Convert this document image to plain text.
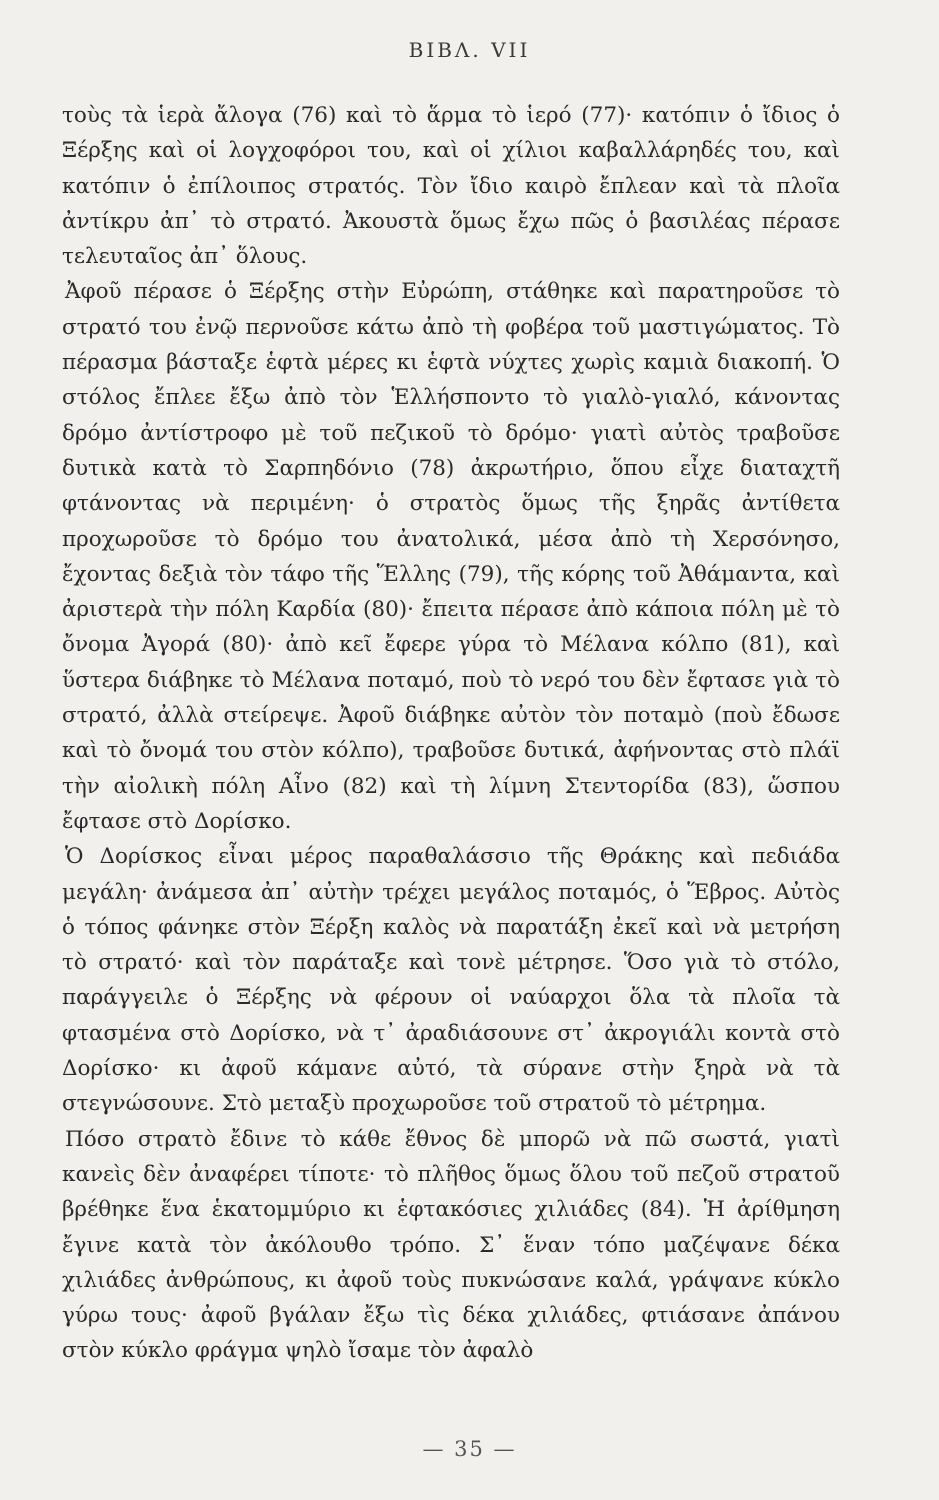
BIBΛ. VII

τοὺς τὰ ἱερὰ ἄλογα (76) καὶ τὸ ἅρμα τὸ ἱερό (77)· κατόπιν ὁ ἴδιος ὁ Ξέρξης καὶ οἱ λογχοφόροι του, καὶ οἱ χίλιοι καβαλλάρηδές του, καὶ κατόπιν ὁ ἐπίλοιπος στρατός. Τὸν ἴδιο καιρὸ ἔπλεαν καὶ τὰ πλοῖα ἀντίκρυ ἀπ᾽ τὸ στρατό. Ἀκουστὰ ὅμως ἔχω πῶς ὁ βασιλέας πέρασε τελευταῖος ἀπ᾽ ὅλους.

Ἀφοῦ πέρασε ὁ Ξέρξης στὴν Εὐρώπη, στάθηκε καὶ παρατηροῦσε τὸ στρατό του ἐνῷ περνοῦσε κάτω ἀπὸ τὴ φοβέρα τοῦ μαστιγώματος. Τὸ πέρασμα βάσταξε ἑφτὰ μέρες κι ἑφτὰ νύχτες χωρὶς καμιὰ διακοπή. Ὁ στόλος ἔπλεε ἔξω ἀπὸ τὸν Ἑλλήσποντο τὸ γιαλὸ-γιαλό, κάνοντας δρόμο ἀντίστροφο μὲ τοῦ πεζικοῦ τὸ δρόμο· γιατὶ αὐτὸς τραβοῦσε δυτικὰ κατὰ τὸ Σαρπηδόνιο (78) ἀκρωτήριο, ὅπου εἶχε διαταχτῆ φτάνοντας νὰ περιμένη· ὁ στρατὸς ὅμως τῆς ξηρᾶς ἀντίθετα προχωροῦσε τὸ δρόμο του ἀνατολικά, μέσα ἀπὸ τὴ Χερσόνησο, ἔχοντας δεξιὰ τὸν τάφο τῆς Ἕλλης (79), τῆς κόρης τοῦ Ἀθάμαντα, καὶ ἀριστερὰ τὴν πόλη Καρδία (80)· ἔπειτα πέρασε ἀπὸ κάποια πόλη μὲ τὸ ὄνομα Ἀγορά (80)· ἀπὸ κεῖ ἔφερε γύρα τὸ Μέλανα κόλπο (81), καὶ ὕστερα διάβηκε τὸ Μέλανα ποταμό, ποὺ τὸ νερό του δὲν ἔφτασε γιὰ τὸ στρατό, ἀλλὰ στείρεψε. Ἀφοῦ διάβηκε αὐτὸν τὸν ποταμὸ (ποὺ ἔδωσε καὶ τὸ ὄνομά του στὸν κόλπο), τραβοῦσε δυτικά, ἀφήνοντας στὸ πλάϊ τὴν αἰολικὴ πόλη Αἶνο (82) καὶ τὴ λίμνη Στεντορίδα (83), ὥσπου ἔφτασε στὸ Δορίσκο.

Ὁ Δορίσκος εἶναι μέρος παραθαλάσσιο τῆς Θράκης καὶ πεδιάδα μεγάλη· ἀνάμεσα ἀπ᾽ αὐτὴν τρέχει μεγάλος ποταμός, ὁ Ἕβρος. Αὐτὸς ὁ τόπος φάνηκε στὸν Ξέρξη καλὸς νὰ παρατάξη ἐκεῖ καὶ νὰ μετρήση τὸ στρατό· καὶ τὸν παράταξε καὶ τονὲ μέτρησε. Ὅσο γιὰ τὸ στόλο, παράγγειλε ὁ Ξέρξης νὰ φέρουν οἱ ναύαρχοι ὅλα τὰ πλοῖα τὰ φτασμένα στὸ Δορίσκο, νὰ τ᾽ ἀραδιάσουνε στ᾽ ἀκρογιάλι κοντὰ στὸ Δορίσκο· κι ἀφοῦ κάμανε αὐτό, τὰ σύρανε στὴν ξηρὰ νὰ τὰ στεγνώσουνε. Στὸ μεταξὺ προχωροῦσε τοῦ στρατοῦ τὸ μέτρημα.

Πόσο στρατὸ ἔδινε τὸ κάθε ἔθνος δὲ μπορῶ νὰ πῶ σωστά, γιατὶ κανεὶς δὲν ἀναφέρει τίποτε· τὸ πλῆθος ὅμως ὅλου τοῦ πεζοῦ στρατοῦ βρέθηκε ἕνα ἑκατομμύριο κι ἑφτακόσιες χιλιάδες (84). Ἡ ἀρίθμηση ἔγινε κατὰ τὸν ἀκόλουθο τρόπο. Σ᾽ ἕναν τόπο μαζέψανε δέκα χιλιάδες ἀνθρώπους, κι ἀφοῦ τοὺς πυκνώσανε καλά, γράψανε κύκλο γύρω τους· ἀφοῦ βγάλαν ἔξω τὶς δέκα χιλιάδες, φτιάσανε ἀπάνου στὸν κύκλο φράγμα ψηλὸ ἴσαμε τὸν ἀφαλὸ

— 35 —
